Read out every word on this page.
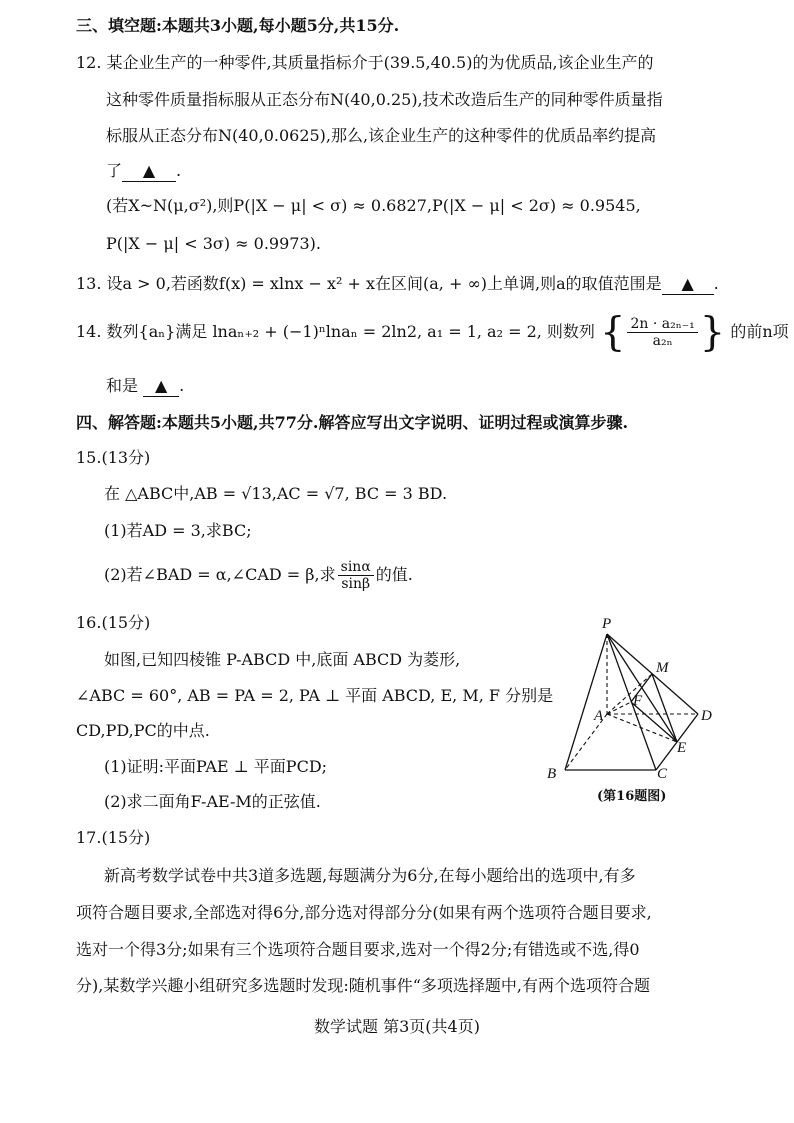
三、填空题:本题共3小题,每小题5分,共15分.
12. 某企业生产的一种零件,其质量指标介于(39.5,40.5)的为优质品,该企业生产的
这种零件质量指标服从正态分布N(40,0.25),技术改造后生产的同种零件质量指
标服从正态分布N(40,0.0625),那么,该企业生产的这种零件的优质品率约提高
了 ▲ .
(若X~N(μ,σ²),则P(|X − μ| < σ) ≈ 0.6827,P(|X − μ| < 2σ) ≈ 0.9545,
P(|X − μ| < 3σ) ≈ 0.9973).
13. 设a > 0,若函数f(x) = xlnx − x² + x在区间(a, + ∞)上单调,则a的取值范围是 ▲ .
14. 数列{aₙ}满足 lnaₙ₊₂ + (−1)ⁿlnaₙ = 2ln2, a₁ = 1, a₂ = 2, 则数列 { $\frac{\text{2n · a₂ₙ₋₁}}{\text{a₂ₙ}}$ } 的前n项
和是 ▲ .
四、解答题:本题共5小题,共77分.解答应写出文字说明、证明过程或演算步骤.
15.(13分)
在 △ABC中,AB = √13,AC = √7, BC = 3 BD.
(1)若AD = 3,求BC;
(2)若∠BAD = α,∠CAD = β,求 $\frac{\sin\alpha}{\sin\beta}$ 的值.
16.(15分)
如图,已知四棱锥 P-ABCD 中,底面 ABCD 为菱形,
∠ABC = 60°, AB = PA = 2, PA ⊥ 平面 ABCD, E, M, F 分别是
CD,PD,PC的中点.
(1)证明:平面PAE ⊥ 平面PCD;
(2)求二面角F-AE-M的正弦值.
P
M
F
A	D
E
B	C
(第16题图)
17.(15分)
新高考数学试卷中共3道多选题,每题满分为6分,在每小题给出的选项中,有多
项符合题目要求,全部选对得6分,部分选对得部分分(如果有两个选项符合题目要求,
选对一个得3分;如果有三个选项符合题目要求,选对一个得2分;有错选或不选,得0
分),某数学兴趣小组研究多选题时发现:随机事件“多项选择题中,有两个选项符合题
数学试题 第3页(共4页)
